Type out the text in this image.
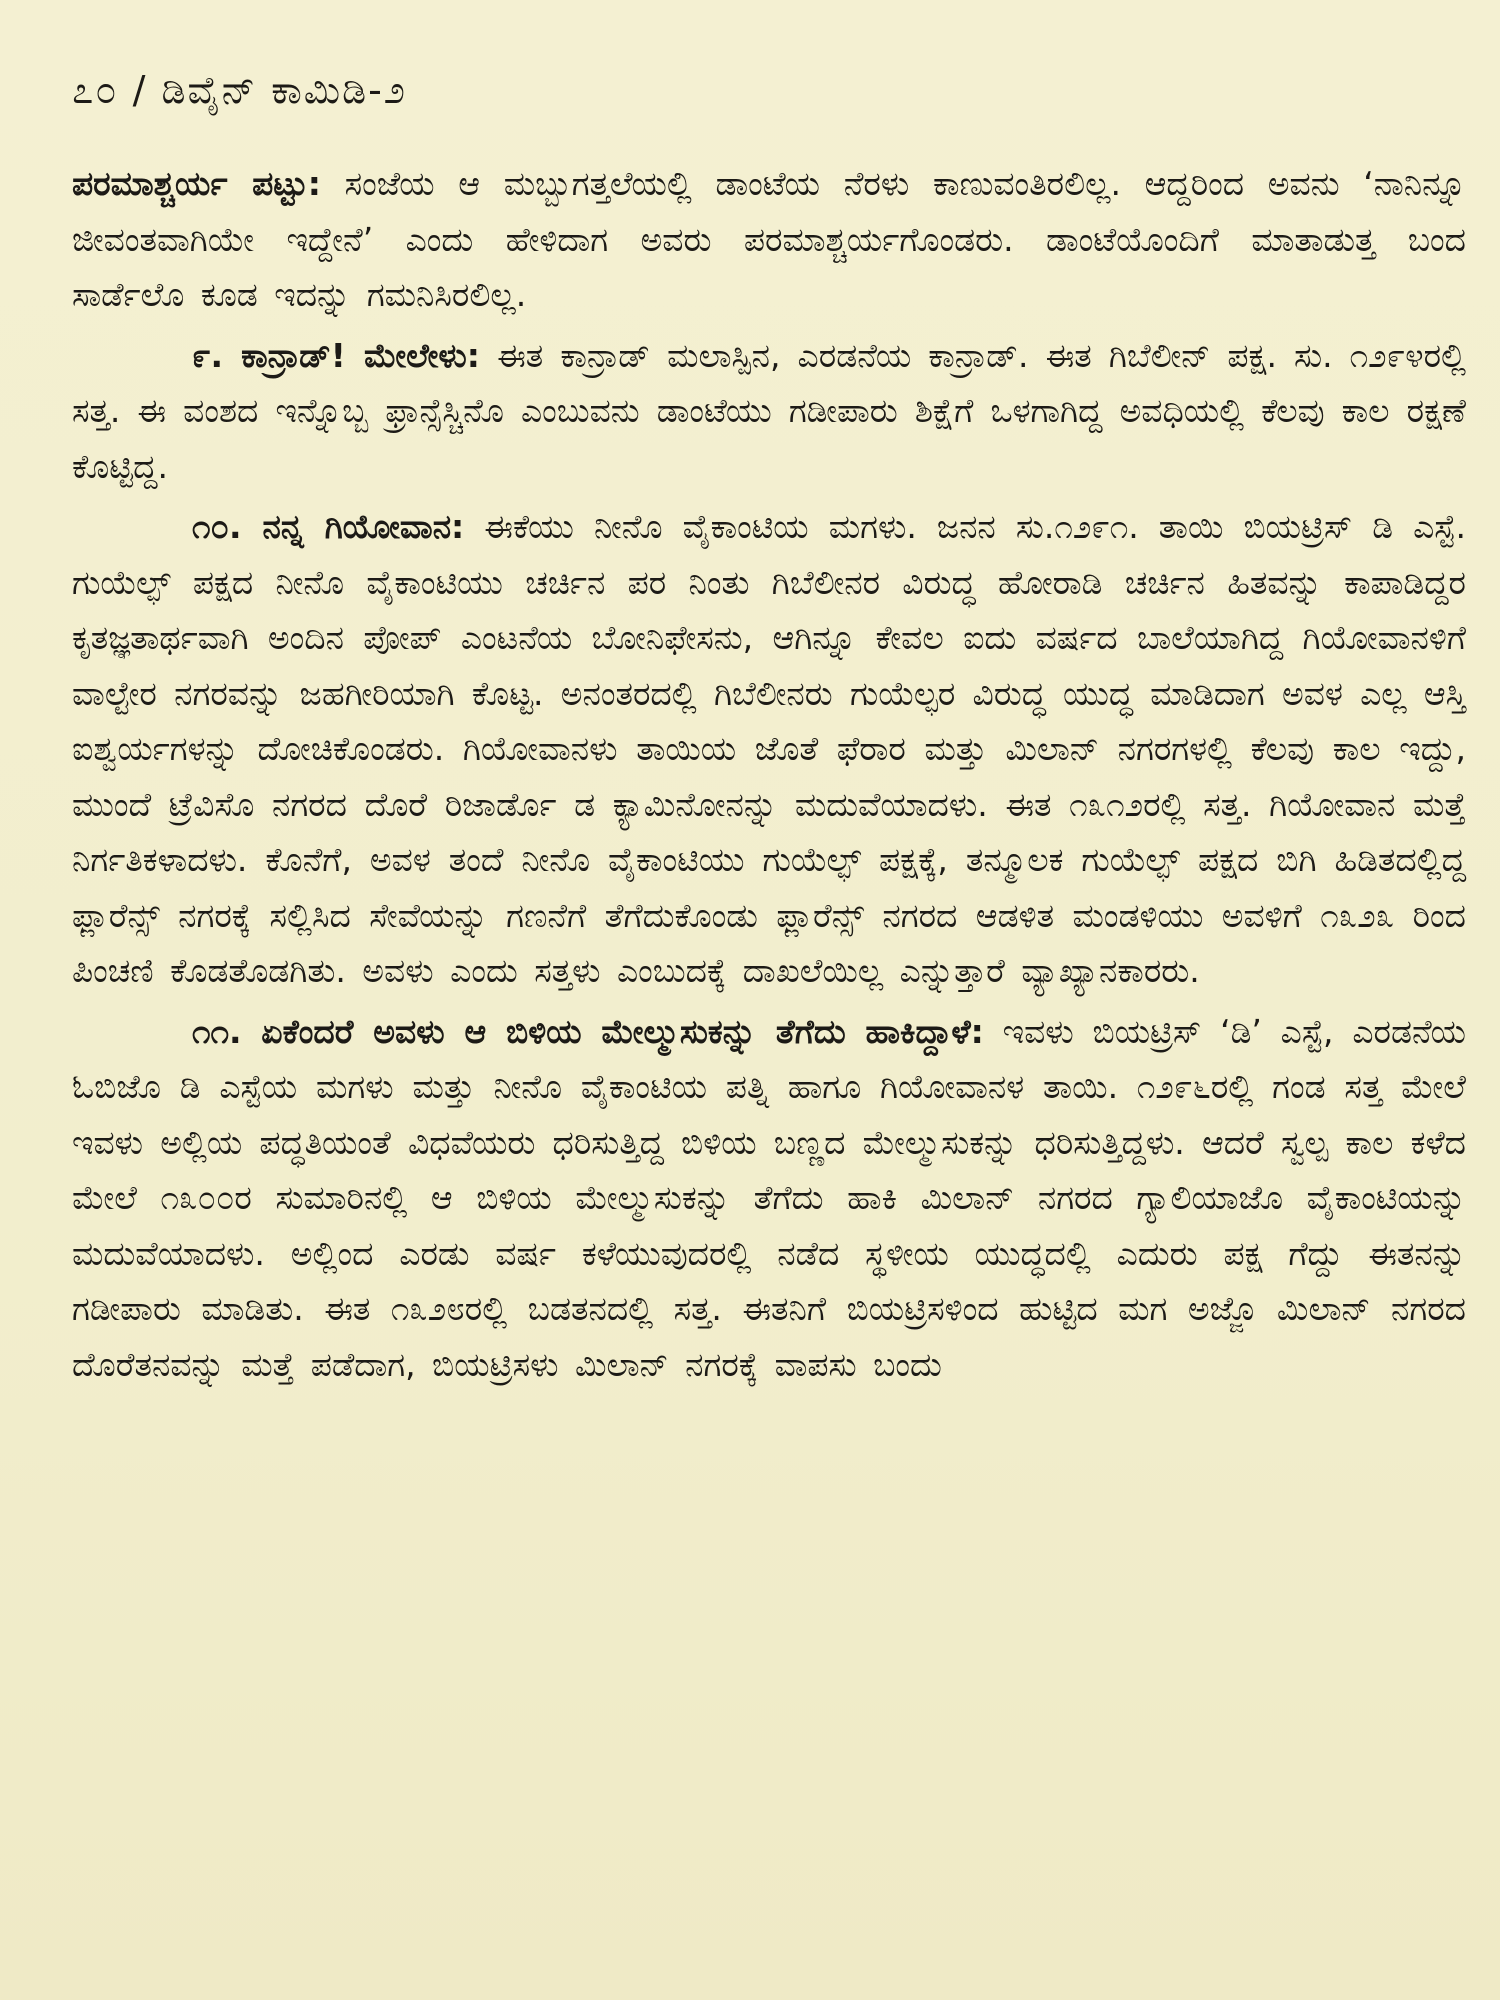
೭೦ / ಡಿವೈನ್ ಕಾಮಿಡಿ-೨

ಪರಮಾಶ್ಚರ್ಯ ಪಟ್ಟು: ಸಂಜೆಯ ಆ ಮಬ್ಬುಗತ್ತಲೆಯಲ್ಲಿ ಡಾಂಟೆಯ ನೆರಳು ಕಾಣುವಂತಿರಲಿಲ್ಲ. ಆದ್ದರಿಂದ ಅವನು ‘ನಾನಿನ್ನೂ ಜೀವಂತವಾಗಿಯೇ ಇದ್ದೇನೆ’ ಎಂದು ಹೇಳಿದಾಗ ಅವರು ಪರಮಾಶ್ಚರ್ಯಗೊಂಡರು. ಡಾಂಟೆಯೊಂದಿಗೆ ಮಾತಾಡುತ್ತ ಬಂದ ಸಾರ್ಡೆಲೊ ಕೂಡ ಇದನ್ನು ಗಮನಿಸಿರಲಿಲ್ಲ.

೯. ಕಾನ್ರಾಡ್! ಮೇಲೇಳು: ಈತ ಕಾನ್ರಾಡ್ ಮಲಾಸ್ಪಿನ, ಎರಡನೆಯ ಕಾನ್ರಾಡ್. ಈತ ಗಿಬೆಲೀನ್ ಪಕ್ಷ. ಸು. ೧೨೯೪ರಲ್ಲಿ ಸತ್ತ. ಈ ವಂಶದ ಇನ್ನೊಬ್ಬ ಫ್ರಾನ್ಸೆಸ್ಚಿನೊ ಎಂಬುವನು ಡಾಂಟೆಯು ಗಡೀಪಾರು ಶಿಕ್ಷೆಗೆ ಒಳಗಾಗಿದ್ದ ಅವಧಿಯಲ್ಲಿ ಕೆಲವು ಕಾಲ ರಕ್ಷಣೆ ಕೊಟ್ಟಿದ್ದ.

೧೦. ನನ್ನ ಗಿಯೋವಾನ: ಈಕೆಯು ನೀನೊ ವೈಕಾಂಟಿಯ ಮಗಳು. ಜನನ ಸು.೧೨೯೧. ತಾಯಿ ಬಿಯಟ್ರಿಸ್ ಡಿ ಎಸ್ಟೆ. ಗುಯೆಲ್ಫ್ ಪಕ್ಷದ ನೀನೊ ವೈಕಾಂಟಿಯು ಚರ್ಚಿನ ಪರ ನಿಂತು ಗಿಬೆಲೀನರ ವಿರುದ್ಧ ಹೋರಾಡಿ ಚರ್ಚಿನ ಹಿತವನ್ನು ಕಾಪಾಡಿದ್ದರ ಕೃತಜ್ಞತಾರ್ಥವಾಗಿ ಅಂದಿನ ಪೋಪ್ ಎಂಟನೆಯ ಬೋನಿಫೇಸನು, ಆಗಿನ್ನೂ ಕೇವಲ ಐದು ವರ್ಷದ ಬಾಲೆಯಾಗಿದ್ದ ಗಿಯೋವಾನಳಿಗೆ ವಾಲ್ಟೇರ ನಗರವನ್ನು ಜಹಗೀರಿಯಾಗಿ ಕೊಟ್ಟ. ಅನಂತರದಲ್ಲಿ ಗಿಬೆಲೀನರು ಗುಯೆಲ್ಫರ ವಿರುದ್ಧ ಯುದ್ಧ ಮಾಡಿದಾಗ ಅವಳ ಎಲ್ಲ ಆಸ್ತಿ ಐಶ್ವರ್ಯಗಳನ್ನು ದೋಚಿಕೊಂಡರು. ಗಿಯೋವಾನಳು ತಾಯಿಯ ಜೊತೆ ಫೆರಾರ ಮತ್ತು ಮಿಲಾನ್ ನಗರಗಳಲ್ಲಿ ಕೆಲವು ಕಾಲ ಇದ್ದು, ಮುಂದೆ ಟ್ರೆವಿಸೊ ನಗರದ ದೊರೆ ರಿಜಾರ್ಡೊ ಡ ಕ್ಯಾಮಿನೋನನ್ನು ಮದುವೆಯಾದಳು. ಈತ ೧೩೧೨ರಲ್ಲಿ ಸತ್ತ. ಗಿಯೋವಾನ ಮತ್ತೆ ನಿರ್ಗತಿಕಳಾದಳು. ಕೊನೆಗೆ, ಅವಳ ತಂದೆ ನೀನೊ ವೈಕಾಂಟಿಯು ಗುಯೆಲ್ಫ್ ಪಕ್ಷಕ್ಕೆ, ತನ್ಮೂಲಕ ಗುಯೆಲ್ಫ್ ಪಕ್ಷದ ಬಿಗಿ ಹಿಡಿತದಲ್ಲಿದ್ದ ಫ್ಲಾರೆನ್ಸ್ ನಗರಕ್ಕೆ ಸಲ್ಲಿಸಿದ ಸೇವೆಯನ್ನು ಗಣನೆಗೆ ತೆಗೆದುಕೊಂಡು ಫ್ಲಾರೆನ್ಸ್ ನಗರದ ಆಡಳಿತ ಮಂಡಳಿಯು ಅವಳಿಗೆ ೧೩೨೩ ರಿಂದ ಪಿಂಚಣಿ ಕೊಡತೊಡಗಿತು. ಅವಳು ಎಂದು ಸತ್ತಳು ಎಂಬುದಕ್ಕೆ ದಾಖಲೆಯಿಲ್ಲ ಎನ್ನುತ್ತಾರೆ ವ್ಯಾಖ್ಯಾನಕಾರರು.

೧೧. ಏಕೆಂದರೆ ಅವಳು ಆ ಬಿಳಿಯ ಮೇಲ್ಮುಸುಕನ್ನು ತೆಗೆದು ಹಾಕಿದ್ದಾಳೆ: ಇವಳು ಬಿಯಟ್ರಿಸ್ ‘ಡಿ’ ಎಸ್ಟೆ, ಎರಡನೆಯ ಓಬಿಜೊ ಡಿ ಎಸ್ಟೆಯ ಮಗಳು ಮತ್ತು ನೀನೊ ವೈಕಾಂಟಿಯ ಪತ್ನಿ ಹಾಗೂ ಗಿಯೋವಾನಳ ತಾಯಿ. ೧೨೯೬ರಲ್ಲಿ ಗಂಡ ಸತ್ತ ಮೇಲೆ ಇವಳು ಅಲ್ಲಿಯ ಪದ್ಧತಿಯಂತೆ ವಿಧವೆಯರು ಧರಿಸುತ್ತಿದ್ದ ಬಿಳಿಯ ಬಣ್ಣದ ಮೇಲ್ಮುಸುಕನ್ನು ಧರಿಸುತ್ತಿದ್ದಳು. ಆದರೆ ಸ್ವಲ್ಪ ಕಾಲ ಕಳೆದ ಮೇಲೆ ೧೩೦೦ರ ಸುಮಾರಿನಲ್ಲಿ ಆ ಬಿಳಿಯ ಮೇಲ್ಮುಸುಕನ್ನು ತೆಗೆದು ಹಾಕಿ ಮಿಲಾನ್ ನಗರದ ಗ್ಯಾಲಿಯಾಜೊ ವೈಕಾಂಟಿಯನ್ನು ಮದುವೆಯಾದಳು. ಅಲ್ಲಿಂದ ಎರಡು ವರ್ಷ ಕಳೆಯುವುದರಲ್ಲಿ ನಡೆದ ಸ್ಥಳೀಯ ಯುದ್ಧದಲ್ಲಿ ಎದುರು ಪಕ್ಷ ಗೆದ್ದು ಈತನನ್ನು ಗಡೀಪಾರು ಮಾಡಿತು. ಈತ ೧೩೨೮ರಲ್ಲಿ ಬಡತನದಲ್ಲಿ ಸತ್ತ. ಈತನಿಗೆ ಬಿಯಟ್ರಿಸಳಿಂದ ಹುಟ್ಟಿದ ಮಗ ಅಜ್ಜೊ ಮಿಲಾನ್ ನಗರದ ದೊರೆತನವನ್ನು ಮತ್ತೆ ಪಡೆದಾಗ, ಬಿಯಟ್ರಿಸಳು ಮಿಲಾನ್ ನಗರಕ್ಕೆ ವಾಪಸು ಬಂದು
